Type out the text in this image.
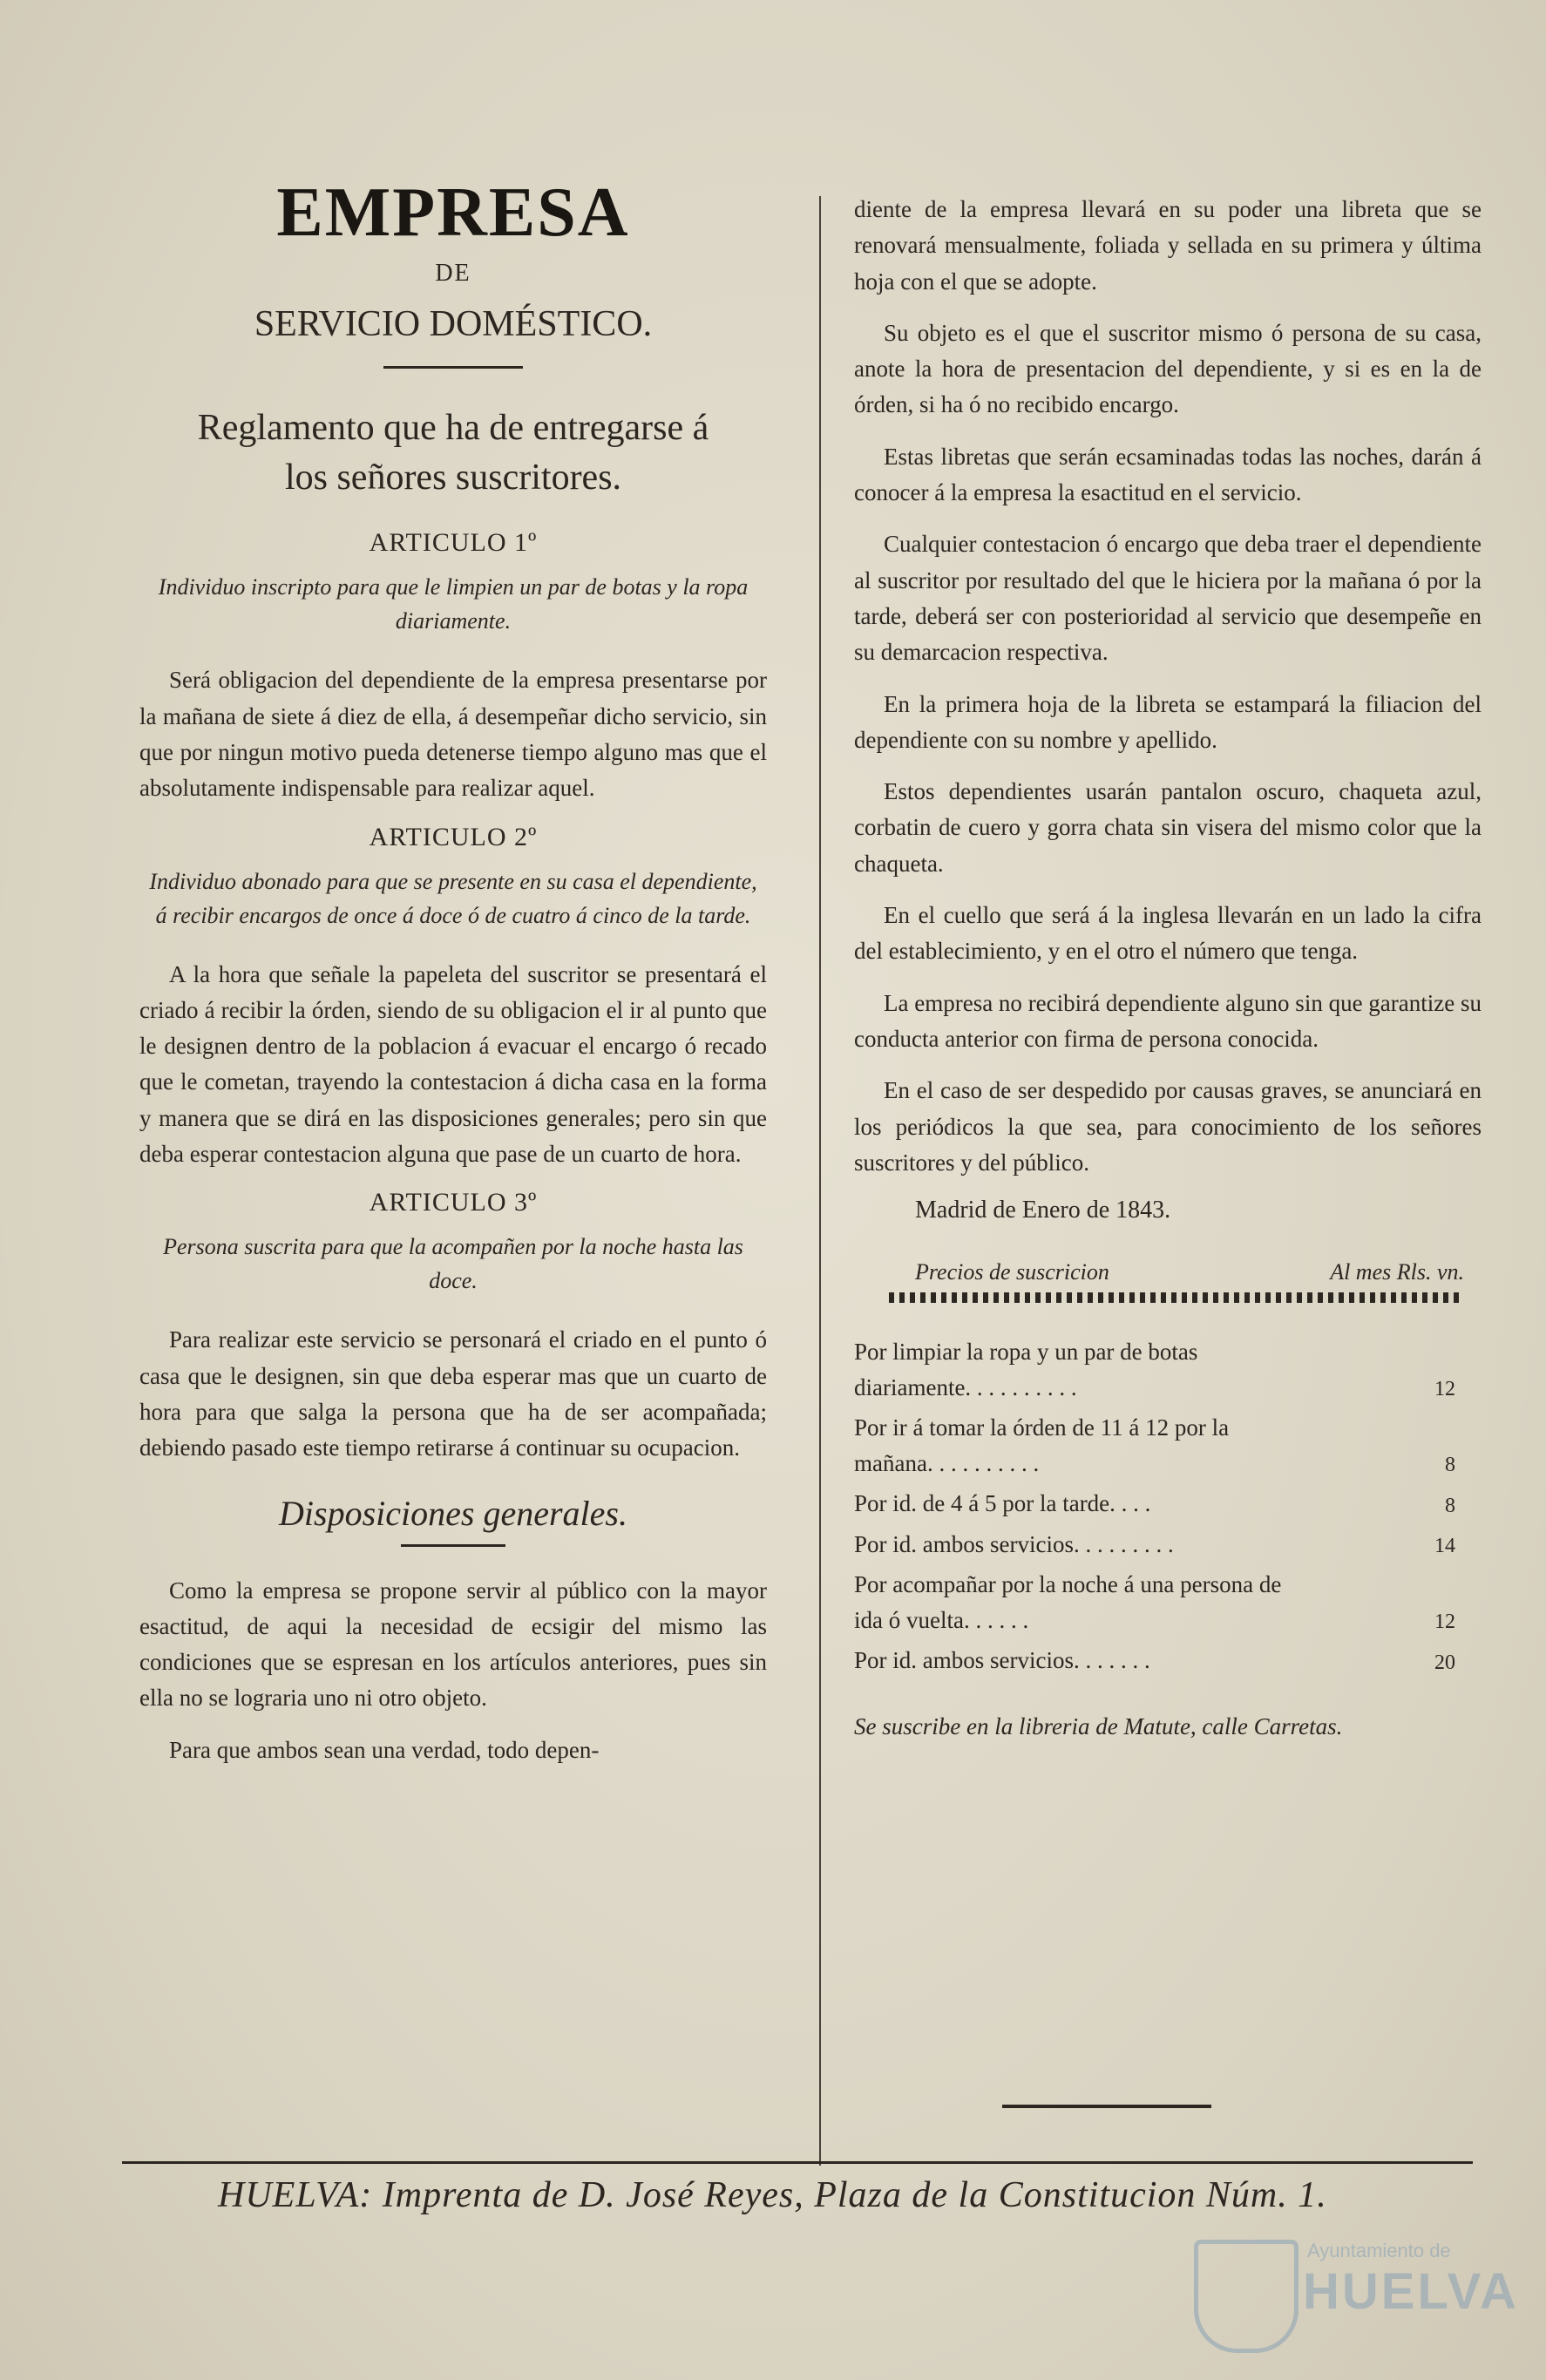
EMPRESA
DE
SERVICIO DOMÉSTICO.
Reglamento que ha de entregarse á los señores suscritores.
ARTICULO 1º
Individuo inscripto para que le limpien un par de botas y la ropa diariamente.

Será obligacion del dependiente de la empresa presentarse por la mañana de siete á diez de ella, á desempeñar dicho servicio, sin que por ningun motivo pueda detenerse tiempo alguno mas que el absolutamente indispensable para realizar aquel.

ARTICULO 2º
Individuo abonado para que se presente en su casa el dependiente, á recibir encargos de once á doce ó de cuatro á cinco de la tarde.

A la hora que señale la papeleta del suscritor se presentará el criado á recibir la órden, siendo de su obligacion el ir al punto que le designen dentro de la poblacion á evacuar el encargo ó recado que le cometan, trayendo la contestacion á dicha casa en la forma y manera que se dirá en las disposiciones generales; pero sin que deba esperar contestacion alguna que pase de un cuarto de hora.

ARTICULO 3º
Persona suscrita para que la acompañen por la noche hasta las doce.

Para realizar este servicio se personará el criado en el punto ó casa que le designen, sin que deba esperar mas que un cuarto de hora para que salga la persona que ha de ser acompañada; debiendo pasado este tiempo retirarse á continuar su ocupacion.

Disposiciones generales.

Como la empresa se propone servir al público con la mayor esactitud, de aqui la necesidad de ecsigir del mismo las condiciones que se espresan en los artículos anteriores, pues sin ella no se lograria uno ni otro objeto.

Para que ambos sean una verdad, todo depen-

diente de la empresa llevará en su poder una libreta que se renovará mensualmente, foliada y sellada en su primera y última hoja con el que se adopte.

Su objeto es el que el suscritor mismo ó persona de su casa, anote la hora de presentacion del dependiente, y si es en la de órden, si ha ó no recibido encargo.

Estas libretas que serán ecsaminadas todas las noches, darán á conocer á la empresa la esactitud en el servicio.

Cualquier contestacion ó encargo que deba traer el dependiente al suscritor por resultado del que le hiciera por la mañana ó por la tarde, deberá ser con posterioridad al servicio que desempeñe en su demarcacion respectiva.

En la primera hoja de la libreta se estampará la filiacion del dependiente con su nombre y apellido.

Estos dependientes usarán pantalon oscuro, chaqueta azul, corbatin de cuero y gorra chata sin visera del mismo color que la chaqueta.

En el cuello que será á la inglesa llevarán en un lado la cifra del establecimiento, y en el otro el número que tenga.

La empresa no recibirá dependiente alguno sin que garantize su conducta anterior con firma de persona conocida.

En el caso de ser despedido por causas graves, se anunciará en los periódicos la que sea, para conocimiento de los señores suscritores y del público.

Madrid de Enero de 1843.
Precios de suscricion	Al mes Rls. vn.
Por limpiar la ropa y un par de botas diariamente. . . . . . . . . .	12
Por ir á tomar la órden de 11 á 12 por la mañana. . . . . . . . . .	8
Por id. de 4 á 5 por la tarde. . . .	8
Por id. ambos servicios. . . . . . . . .	14
Por acompañar por la noche á una persona de ida ó vuelta. . . . . .	12
Por id. ambos servicios. . . . . . .	20
Se suscribe en la libreria de Matute, calle Carretas.
HUELVA: Imprenta de D. José Reyes, Plaza de la Constitucion Núm. 1.
Ayuntamiento de
HUELVA
